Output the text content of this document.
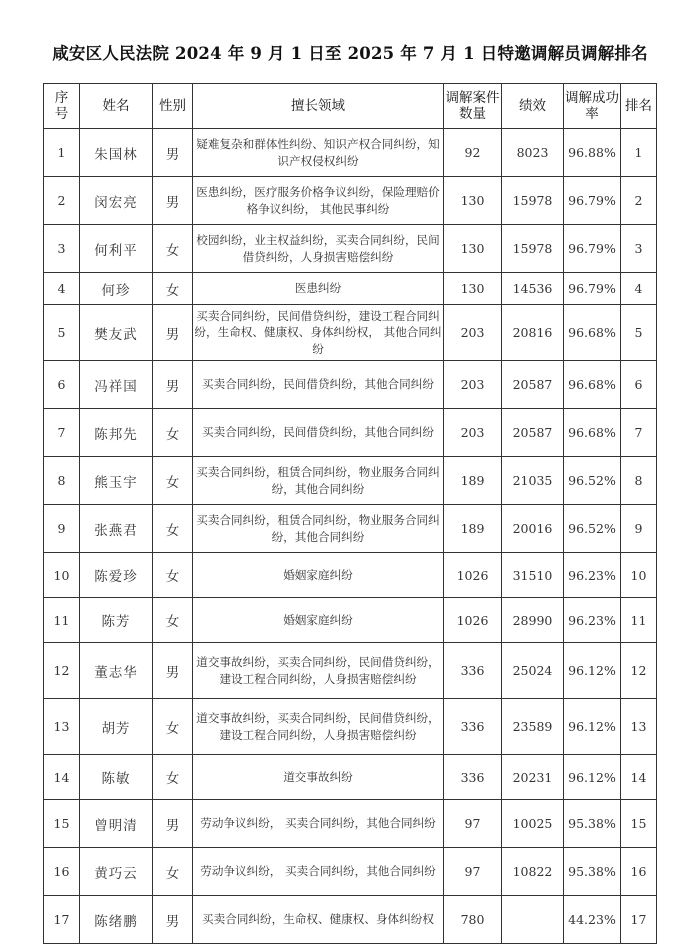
咸安区人民法院 2024 年 9 月 1 日至 2025 年 7 月 1 日特邀调解员调解排名
序号	姓名	性别	擅长领域	调解案件数量	绩效	调解成功率	排名
1	朱国林	男	疑难复杂和群体性纠纷、知识产权合同纠纷，知识产权侵权纠纷	92	8023	96.88%	1
2	闵宏亮	男	医患纠纷，医疗服务价格争议纠纷，保险理赔价格争议纠纷， 其他民事纠纷	130	15978	96.79%	2
3	何利平	女	校园纠纷，业主权益纠纷，买卖合同纠纷，民间借贷纠纷，人身损害赔偿纠纷	130	15978	96.79%	3
4	何珍	女	医患纠纷	130	14536	96.79%	4
5	樊友武	男	买卖合同纠纷，民间借贷纠纷，建设工程合同纠纷，生命权、健康权、身体纠纷权， 其他合同纠纷	203	20816	96.68%	5
6	冯祥国	男	买卖合同纠纷，民间借贷纠纷，其他合同纠纷	203	20587	96.68%	6
7	陈邦先	女	买卖合同纠纷，民间借贷纠纷，其他合同纠纷	203	20587	96.68%	7
8	熊玉宇	女	买卖合同纠纷，租赁合同纠纷，物业服务合同纠纷，其他合同纠纷	189	21035	96.52%	8
9	张燕君	女	买卖合同纠纷，租赁合同纠纷，物业服务合同纠纷，其他合同纠纷	189	20016	96.52%	9
10	陈爱珍	女	婚姻家庭纠纷	1026	31510	96.23%	10
11	陈芳	女	婚姻家庭纠纷	1026	28990	96.23%	11
12	董志华	男	道交事故纠纷，买卖合同纠纷，民间借贷纠纷，建设工程合同纠纷，人身损害赔偿纠纷	336	25024	96.12%	12
13	胡芳	女	道交事故纠纷，买卖合同纠纷，民间借贷纠纷，建设工程合同纠纷，人身损害赔偿纠纷	336	23589	96.12%	13
14	陈敏	女	道交事故纠纷	336	20231	96.12%	14
15	曾明清	男	劳动争议纠纷， 买卖合同纠纷，其他合同纠纷	97	10025	95.38%	15
16	黄巧云	女	劳动争议纠纷， 买卖合同纠纷，其他合同纠纷	97	10822	95.38%	16
17	陈绪鹏	男	买卖合同纠纷，生命权、健康权、身体纠纷权	780		44.23%	17
